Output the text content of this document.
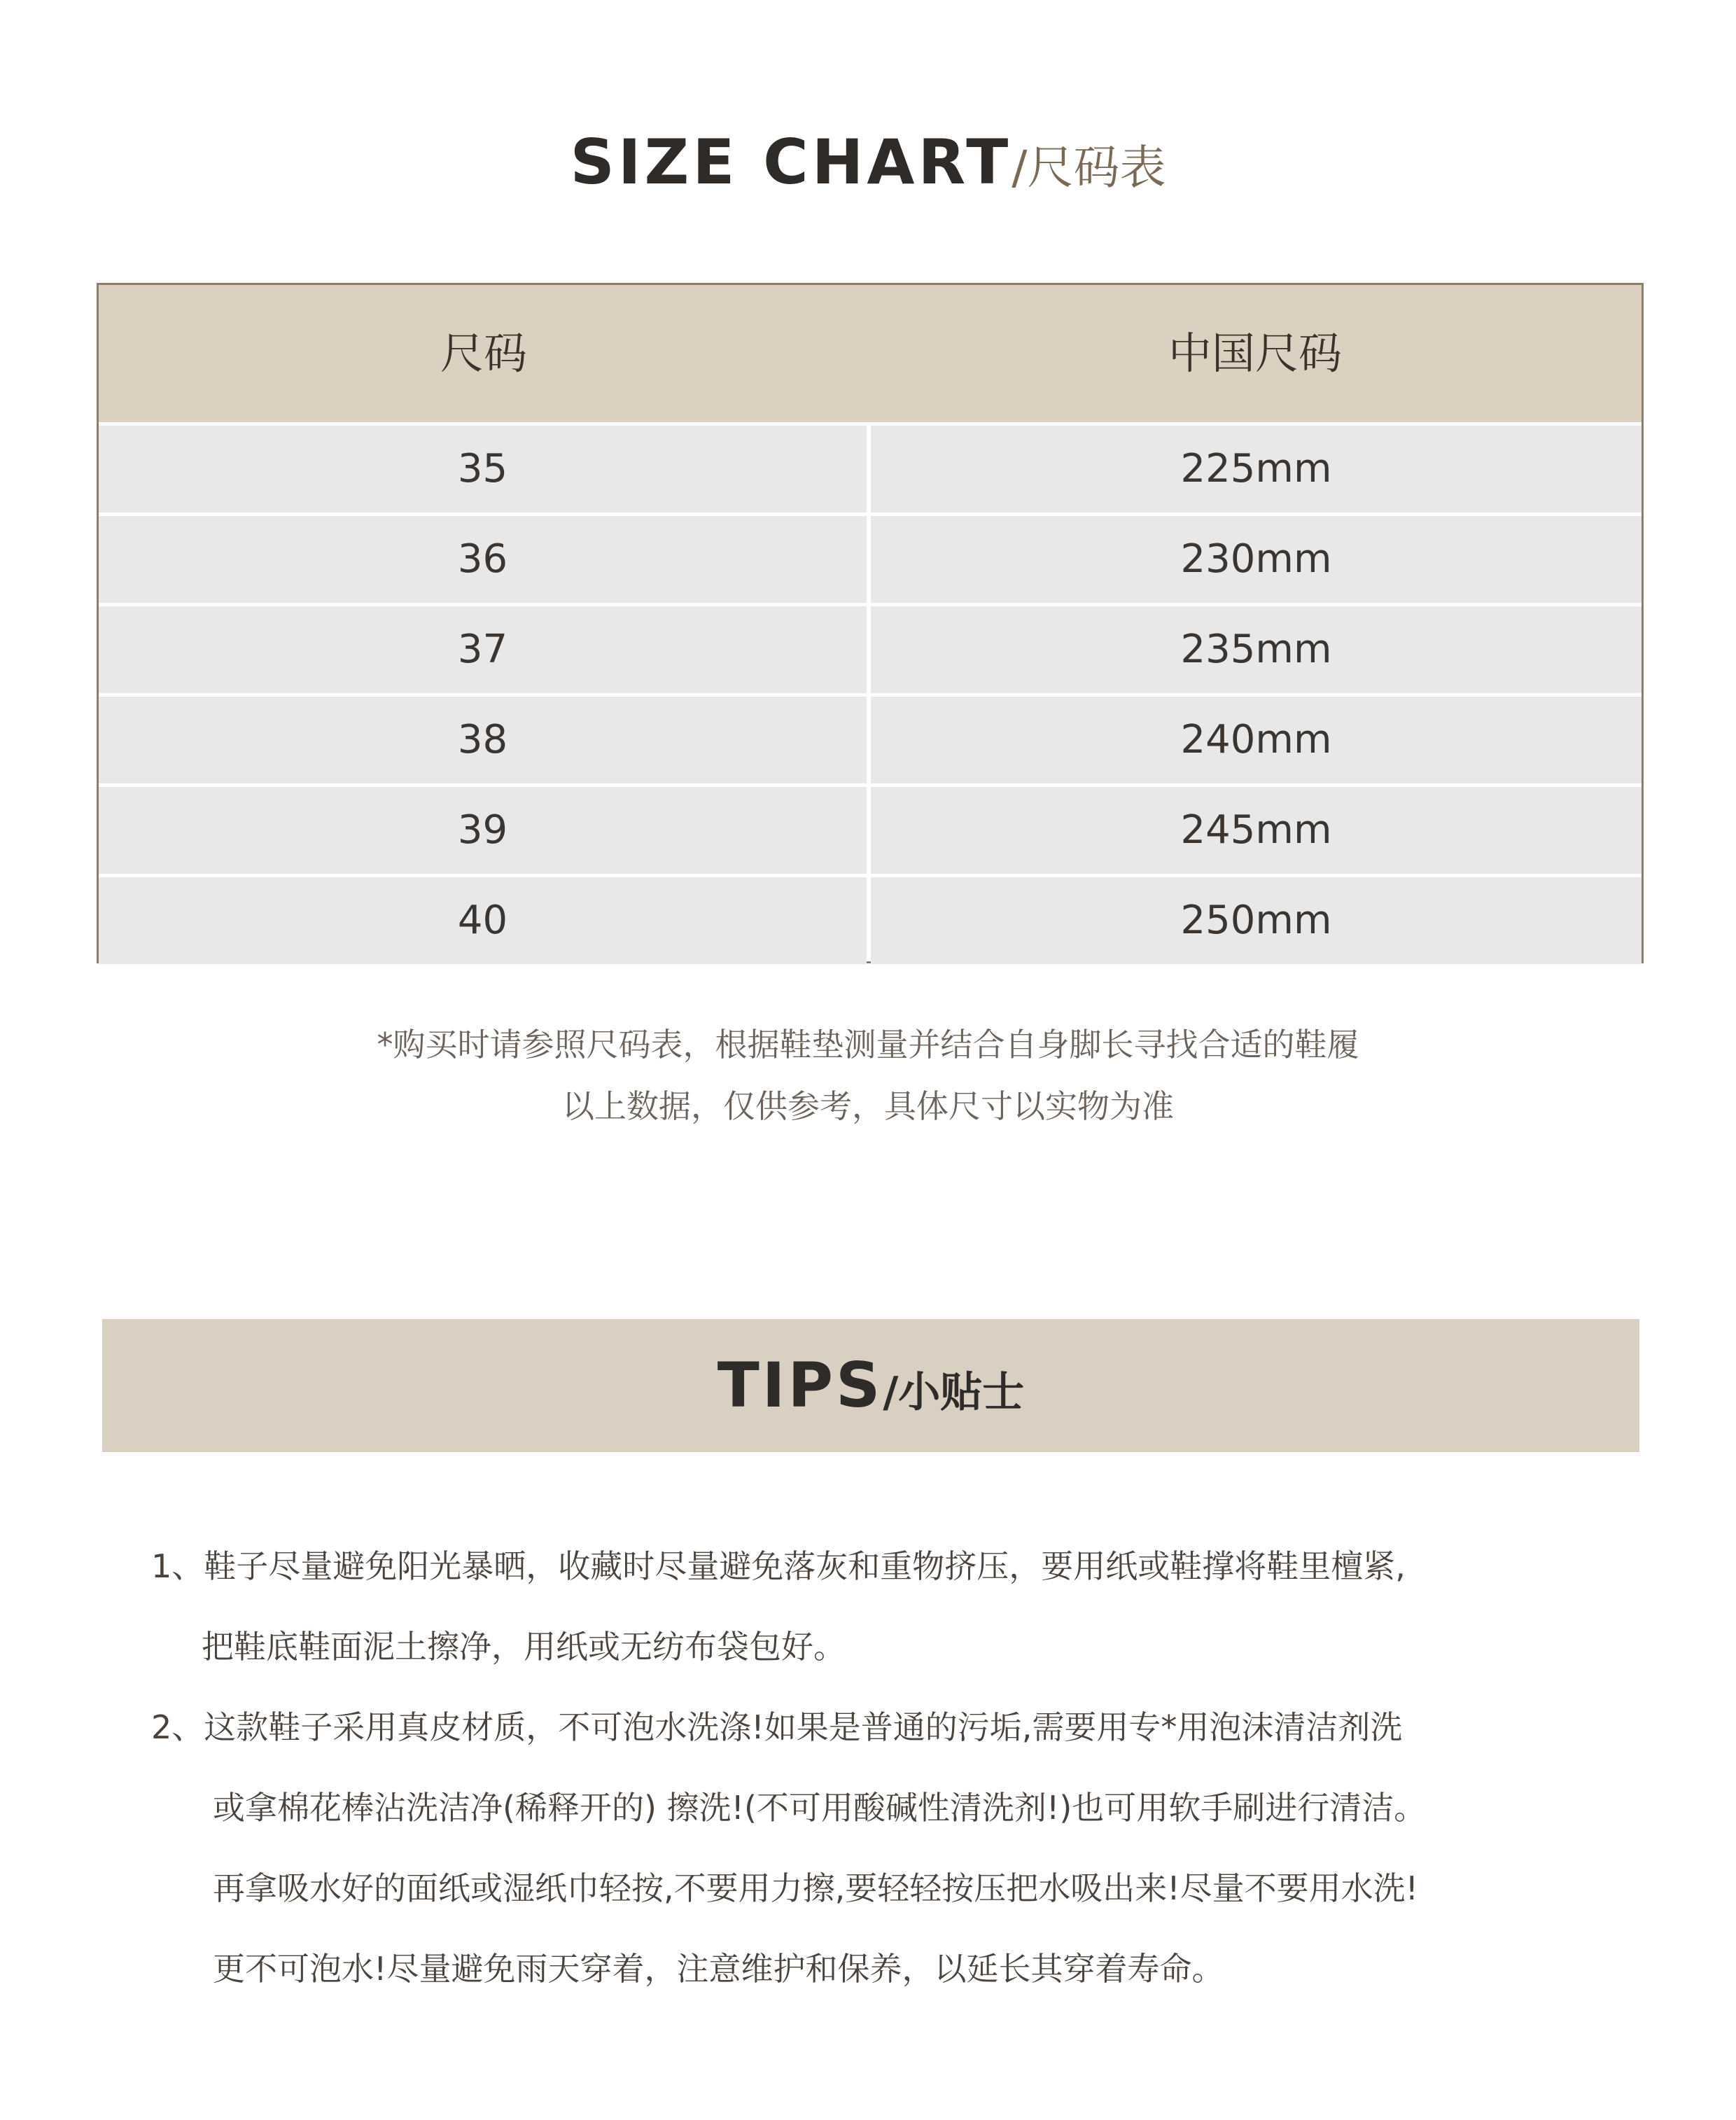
SIZE CHART/尺码表
尺码	中国尺码
35	225mm
36	230mm
37	235mm
38	240mm
39	245mm
40	250mm
*购买时请参照尺码表，根据鞋垫测量并结合自身脚长寻找合适的鞋履
以上数据，仅供参考，具体尺寸以实物为准
TIPS/小贴士
1、鞋子尽量避免阳光暴晒，收藏时尽量避免落灰和重物挤压，要用纸或鞋撑将鞋里檀紧,
把鞋底鞋面泥土擦净，用纸或无纺布袋包好。
2、这款鞋子采用真皮材质，不可泡水洗涤!如果是普通的污垢,需要用专*用泡沫清洁剂洗
或拿棉花棒沾洗洁净(稀释开的) 擦洗!(不可用酸碱性清洗剂!)也可用软手刷进行清洁。
再拿吸水好的面纸或湿纸巾轻按,不要用力擦,要轻轻按压把水吸出来!尽量不要用水洗!
更不可泡水!尽量避免雨天穿着，注意维护和保养，以延长其穿着寿命。
